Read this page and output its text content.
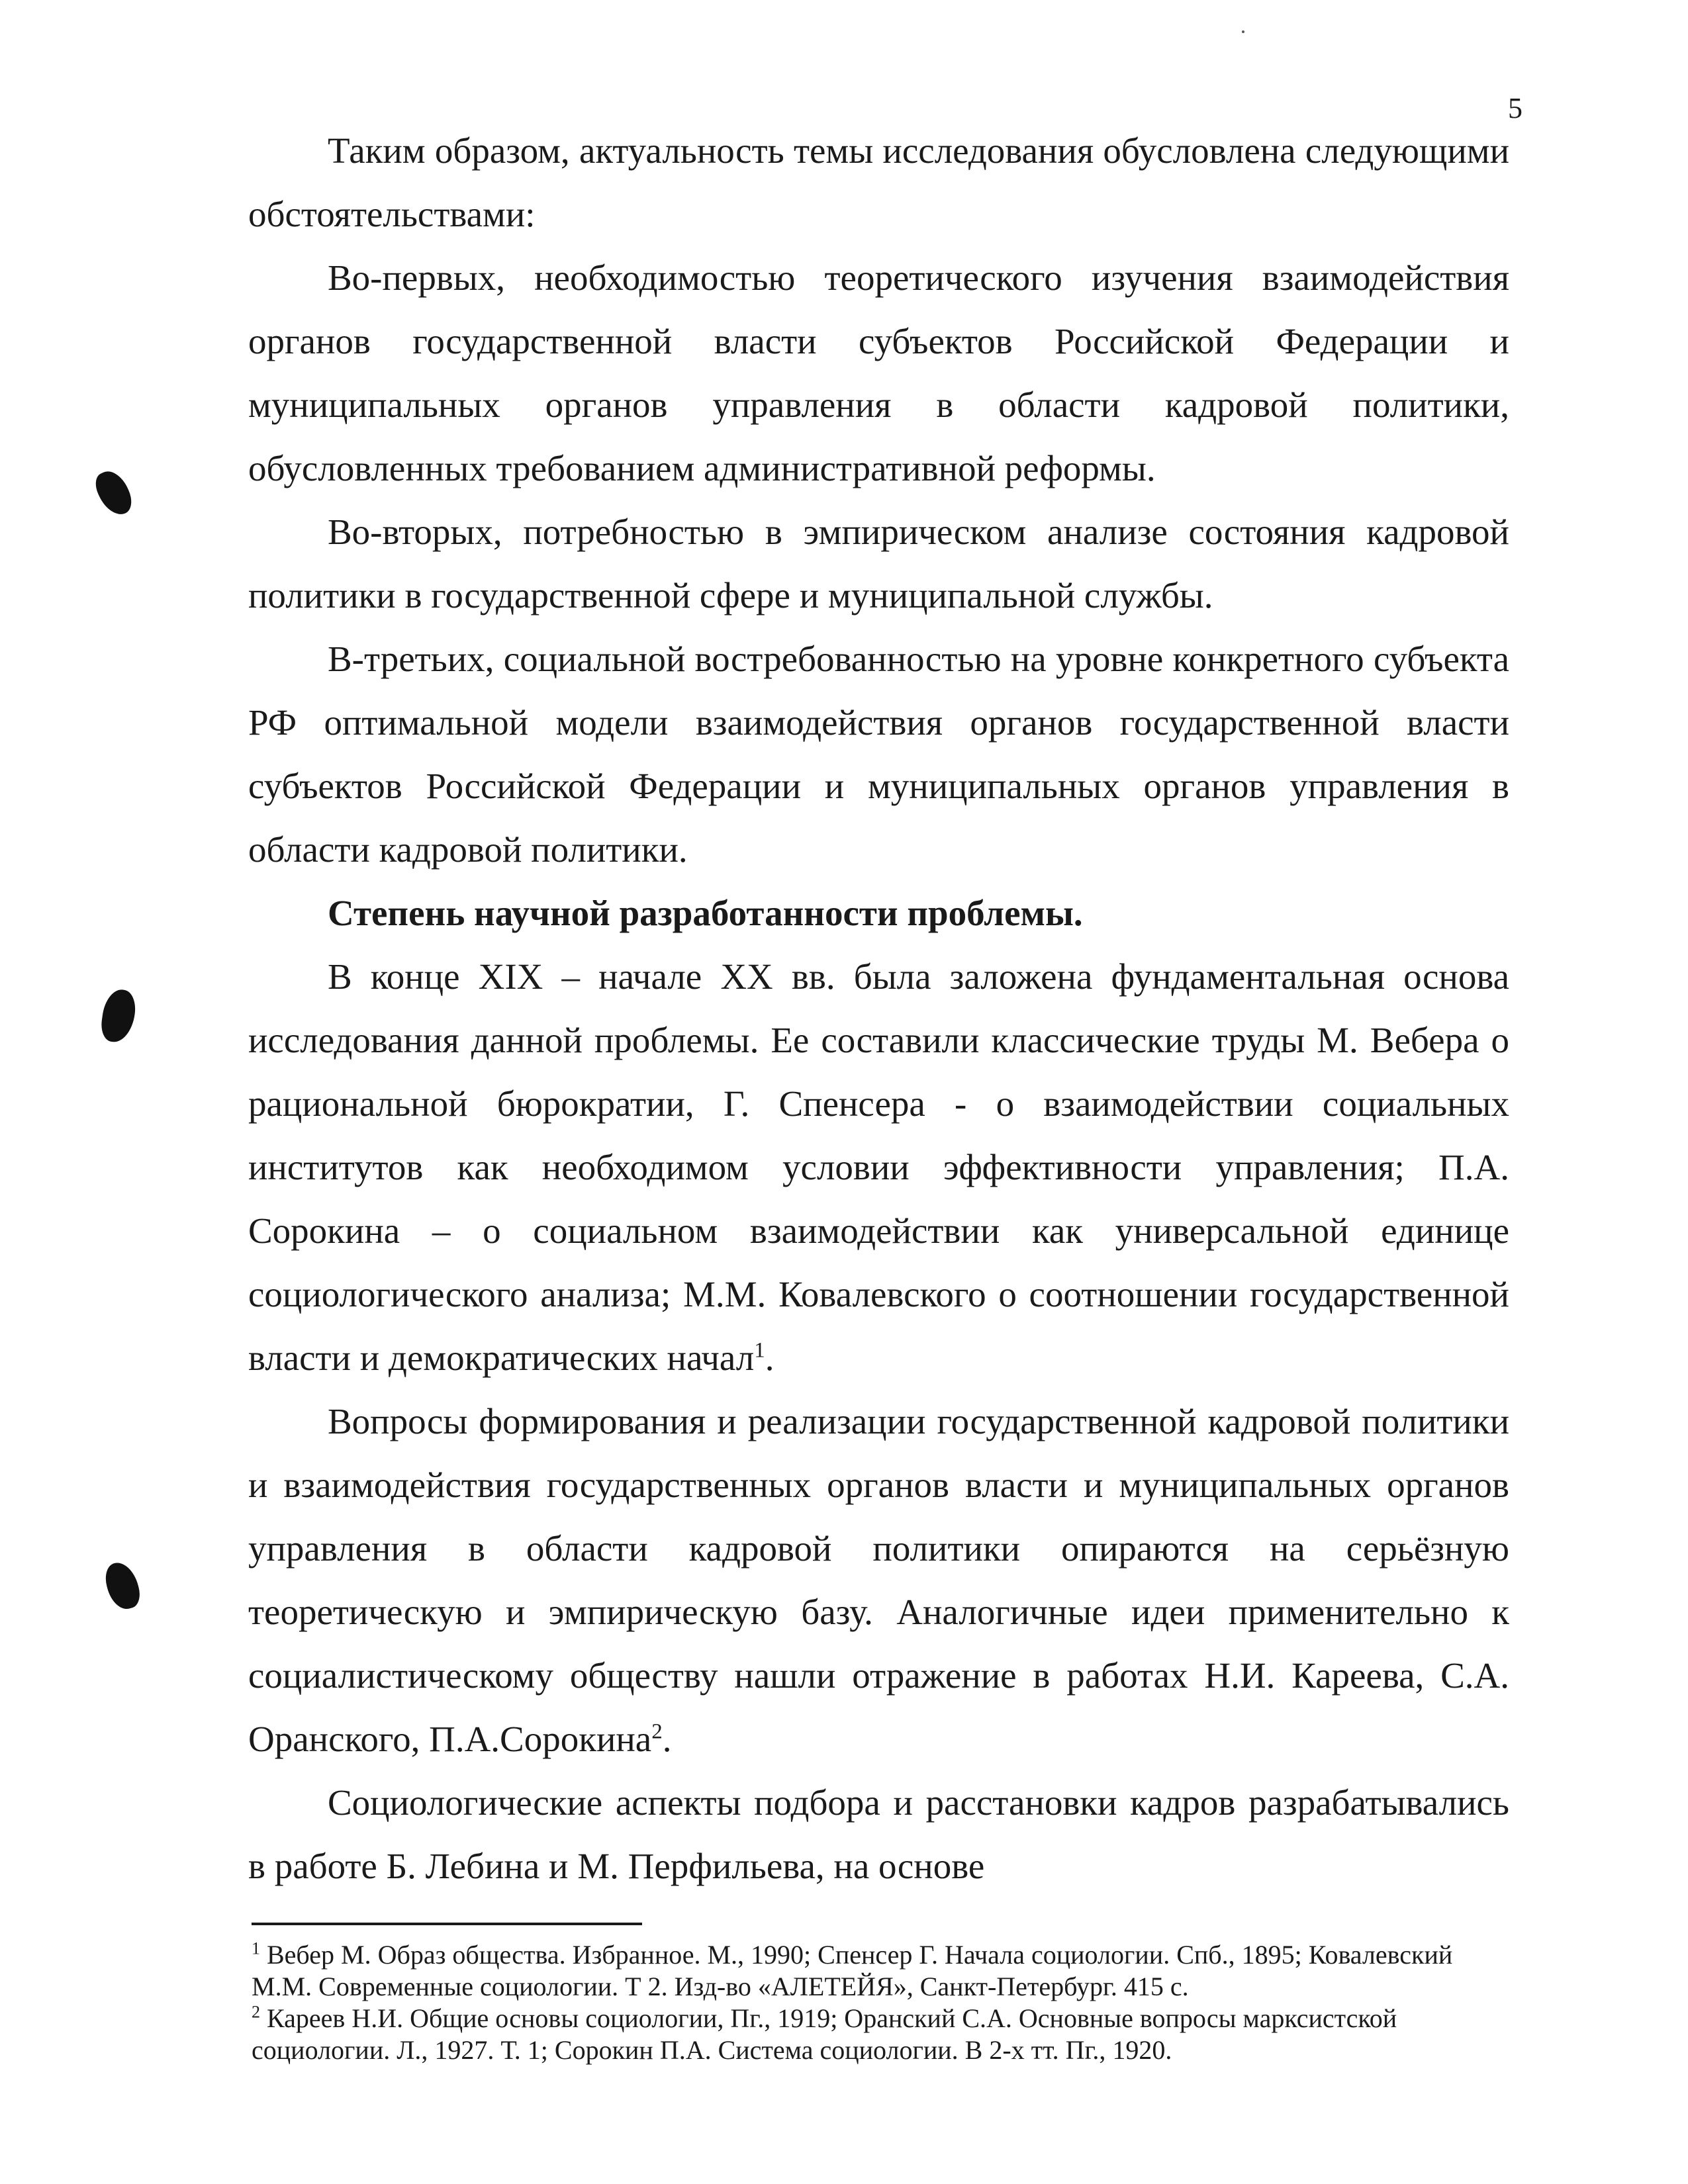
5

Таким образом, актуальность темы исследования обусловлена следующими обстоятельствами:

Во-первых, необходимостью теоретического изучения взаимодействия органов государственной власти субъектов Российской Федерации и муниципальных органов управления в области кадровой политики, обусловленных требованием административной реформы.

Во-вторых, потребностью в эмпирическом анализе состояния кадровой политики в государственной сфере и муниципальной службы.

В-третьих, социальной востребованностью на уровне конкретного субъекта РФ оптимальной модели взаимодействия органов государственной власти субъектов Российской Федерации и муниципальных органов управления в области кадровой политики.

Степень научной разработанности проблемы.

В конце XIX – начале XX вв. была заложена фундаментальная основа исследования данной проблемы. Ее составили классические труды М. Вебера о рациональной бюрократии, Г. Спенсера - о взаимодействии социальных институтов как необходимом условии эффективности управления; П.А. Сорокина – о социальном взаимодействии как универсальной единице социологического анализа; М.М. Ковалевского о соотношении государственной власти и демократических начал$^1$.

Вопросы формирования и реализации государственной кадровой политики и взаимодействия государственных органов власти и муниципальных органов управления в области кадровой политики опираются на серьёзную теоретическую и эмпирическую базу. Аналогичные идеи применительно к социалистическому обществу нашли отражение в работах Н.И. Кареева, С.А. Оранского, П.А.Сорокина$^2$.

Социологические аспекты подбора и расстановки кадров разрабатывались в работе Б. Лебина и М. Перфильева, на основе

$^1$ Вебер М. Образ общества. Избранное. М., 1990; Спенсер Г. Начала социологии. Спб., 1895; Ковалевский М.М. Современные социологии. Т 2. Изд-во «АЛЕТЕЙЯ», Санкт-Петербург. 415 с.

$^2$ Кареев Н.И. Общие основы социологии, Пг., 1919; Оранский С.А. Основные вопросы марксистской социологии. Л., 1927. Т. 1; Сорокин П.А. Система социологии. В 2-х тт. Пг., 1920.
